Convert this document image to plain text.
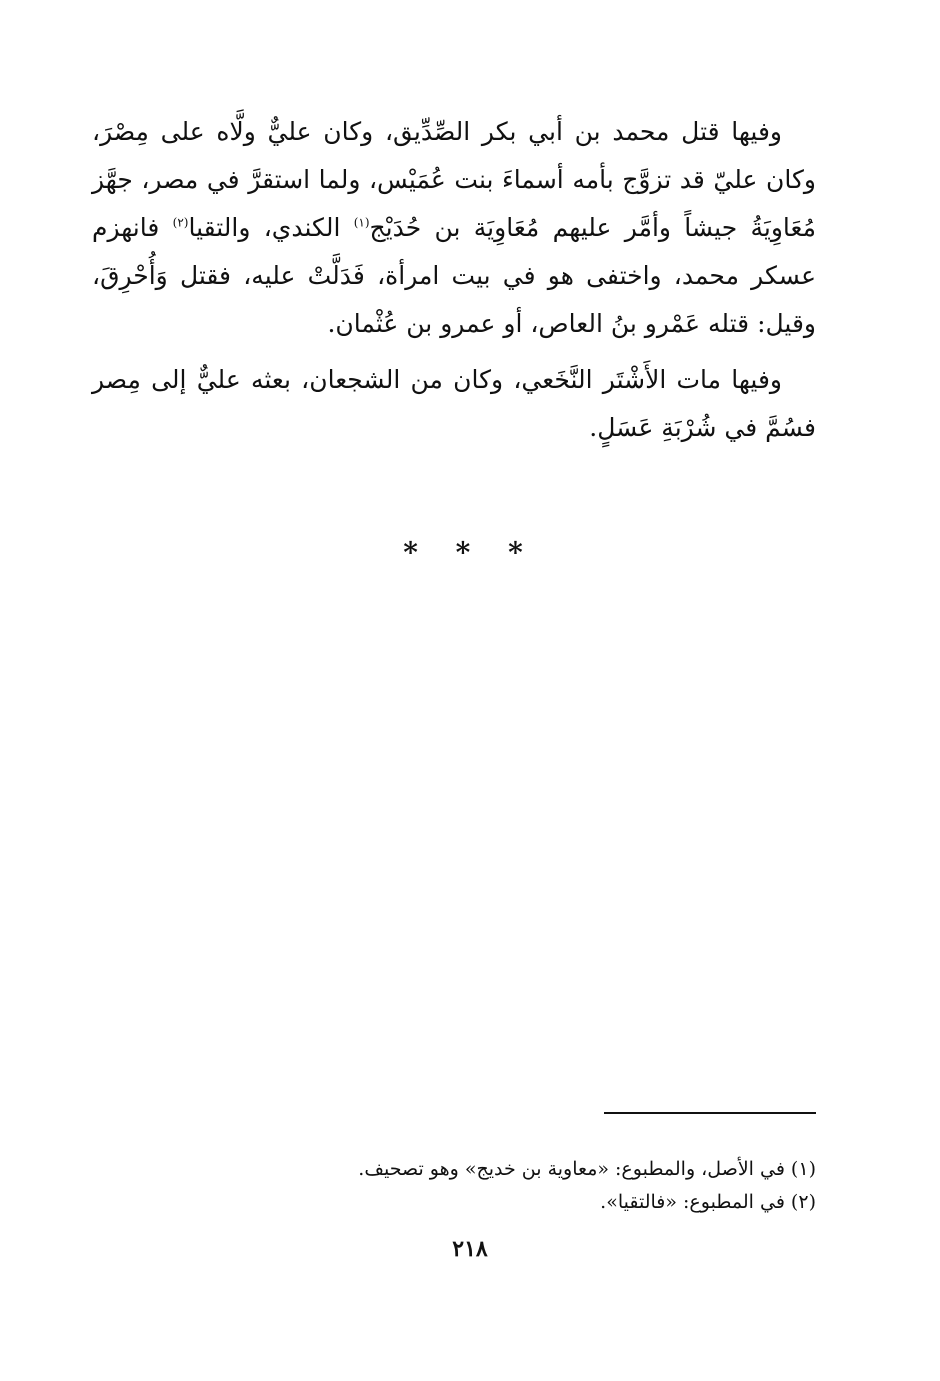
وفيها قتل محمد بن أبي بكر الصِّدِّيق، وكان عليٌّ ولَّاه على مِصْرَ، وكان عليّ قد تزوَّج بأمه أسماءَ بنت عُمَيْس، ولما استقرَّ في مصر، جهَّز مُعَاوِيَةُ جيشاً وأمَّر عليهم مُعَاوِيَة بن حُدَيْج$^{(١)}$ الكندي، والتقيا$^{(٢)}$ فانهزم عسكر محمد، واختفى هو في بيت امرأة، فَدَلَّتْ عليه، فقتل وَأُحْرِقَ، وقيل: قتله عَمْرو بنُ العاص، أو عمرو بن عُثْمان.

وفيها مات الأَشْتَر النَّخَعي، وكان من الشجعان، بعثه عليٌّ إلى مِصر فسُمَّ في شُرْبَةِ عَسَلٍ.

* * *
(١) في الأصل، والمطبوع: «معاوية بن خديج» وهو تصحيف.
(٢) في المطبوع: «فالتقيا».
٢١٨
